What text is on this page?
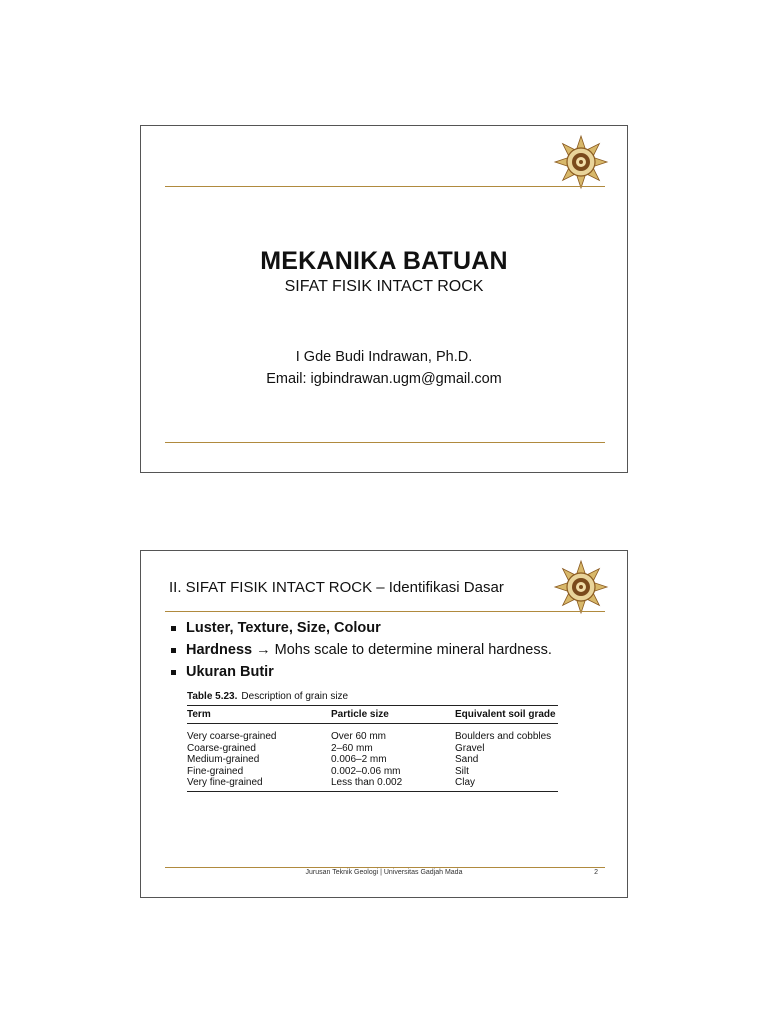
MEKANIKA BATUAN
SIFAT FISIK INTACT ROCK
I Gde Budi Indrawan, Ph.D.
Email: igbindrawan.ugm@gmail.com
II. SIFAT FISIK INTACT ROCK – Identifikasi Dasar
Luster, Texture, Size, Colour
Hardness → Mohs scale to determine mineral hardness.
Ukuran Butir
Table 5.23. Description of grain size
Term	Particle size	Equivalent soil grade
Very coarse-grained	Over 60 mm	Boulders and cobbles
Coarse-grained	2–60 mm	Gravel
Medium-grained	0.006–2 mm	Sand
Fine-grained	0.002–0.06 mm	Silt
Very fine-grained	Less than 0.002	Clay
Jurusan Teknik Geologi | Universitas Gadjah Mada	2
